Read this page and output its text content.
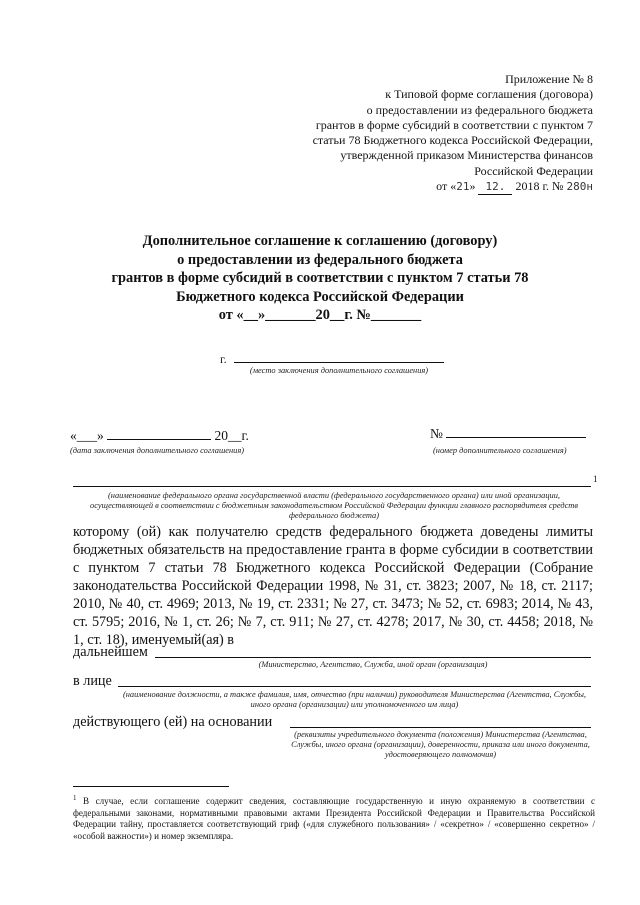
Приложение № 8
к Типовой форме соглашения (договора)
о предоставлении из федерального бюджета
грантов в форме субсидий в соответствии с пунктом 7
статьи 78 Бюджетного кодекса Российской Федерации,
утвержденной приказом Министерства финансов
Российской Федерации
от «21» 12. 2018 г. № 280н
Дополнительное соглашение к соглашению (договору)
о предоставлении из федерального бюджета
грантов в форме субсидий в соответствии с пунктом 7 статьи 78
Бюджетного кодекса Российской Федерации
от «__»_______20__г. №_______
г.
(место заключения дополнительного соглашения)
«___»	20__г.
(дата заключения дополнительного соглашения)
№
(номер дополнительного соглашения)
1
(наименование федерального органа государственной власти (федерального государственного органа) или иной организации, осуществляющей в соответствии с бюджетным законодательством Российской Федерации функции главного распорядителя средств федерального бюджета)
которому (ой) как получателю средств федерального бюджета доведены лимиты бюджетных обязательств на предоставление гранта в форме субсидии в соответствии с пунктом 7 статьи 78 Бюджетного кодекса Российской Федерации (Собрание законодательства Российской Федерации 1998, № 31, ст. 3823; 2007, № 18, ст. 2117; 2010, № 40, ст. 4969; 2013, № 19, ст. 2331; № 27, ст. 3473; № 52, ст. 6983; 2014, № 43, ст. 5795; 2016, № 1, ст. 26; № 7, ст. 911; № 27, ст. 4278; 2017, № 30, ст. 4458; 2018, № 1, ст. 18), именуемый(ая) в
дальнейшем
(Министерство, Агентство, Служба, иной орган (организация)
в лице
(наименование должности, а также фамилия, имя, отчество (при наличии) руководителя Министерства (Агентства, Службы, иного органа (организации) или уполномоченного им лица)
действующего (ей) на основании
(реквизиты учредительного документа (положения) Министерства (Агентства, Службы, иного органа (организации), доверенности, приказа или иного документа, удостоверяющего полномочия)
$^1$ В случае, если соглашение содержит сведения, составляющие государственную и иную охраняемую в соответствии с федеральными законами, нормативными правовыми актами Президента Российской Федерации и Правительства Российской Федерации тайну, проставляется соответствующий гриф («для служебного пользования» / «секретно» / «совершенно секретно» / «особой важности») и номер экземпляра.
